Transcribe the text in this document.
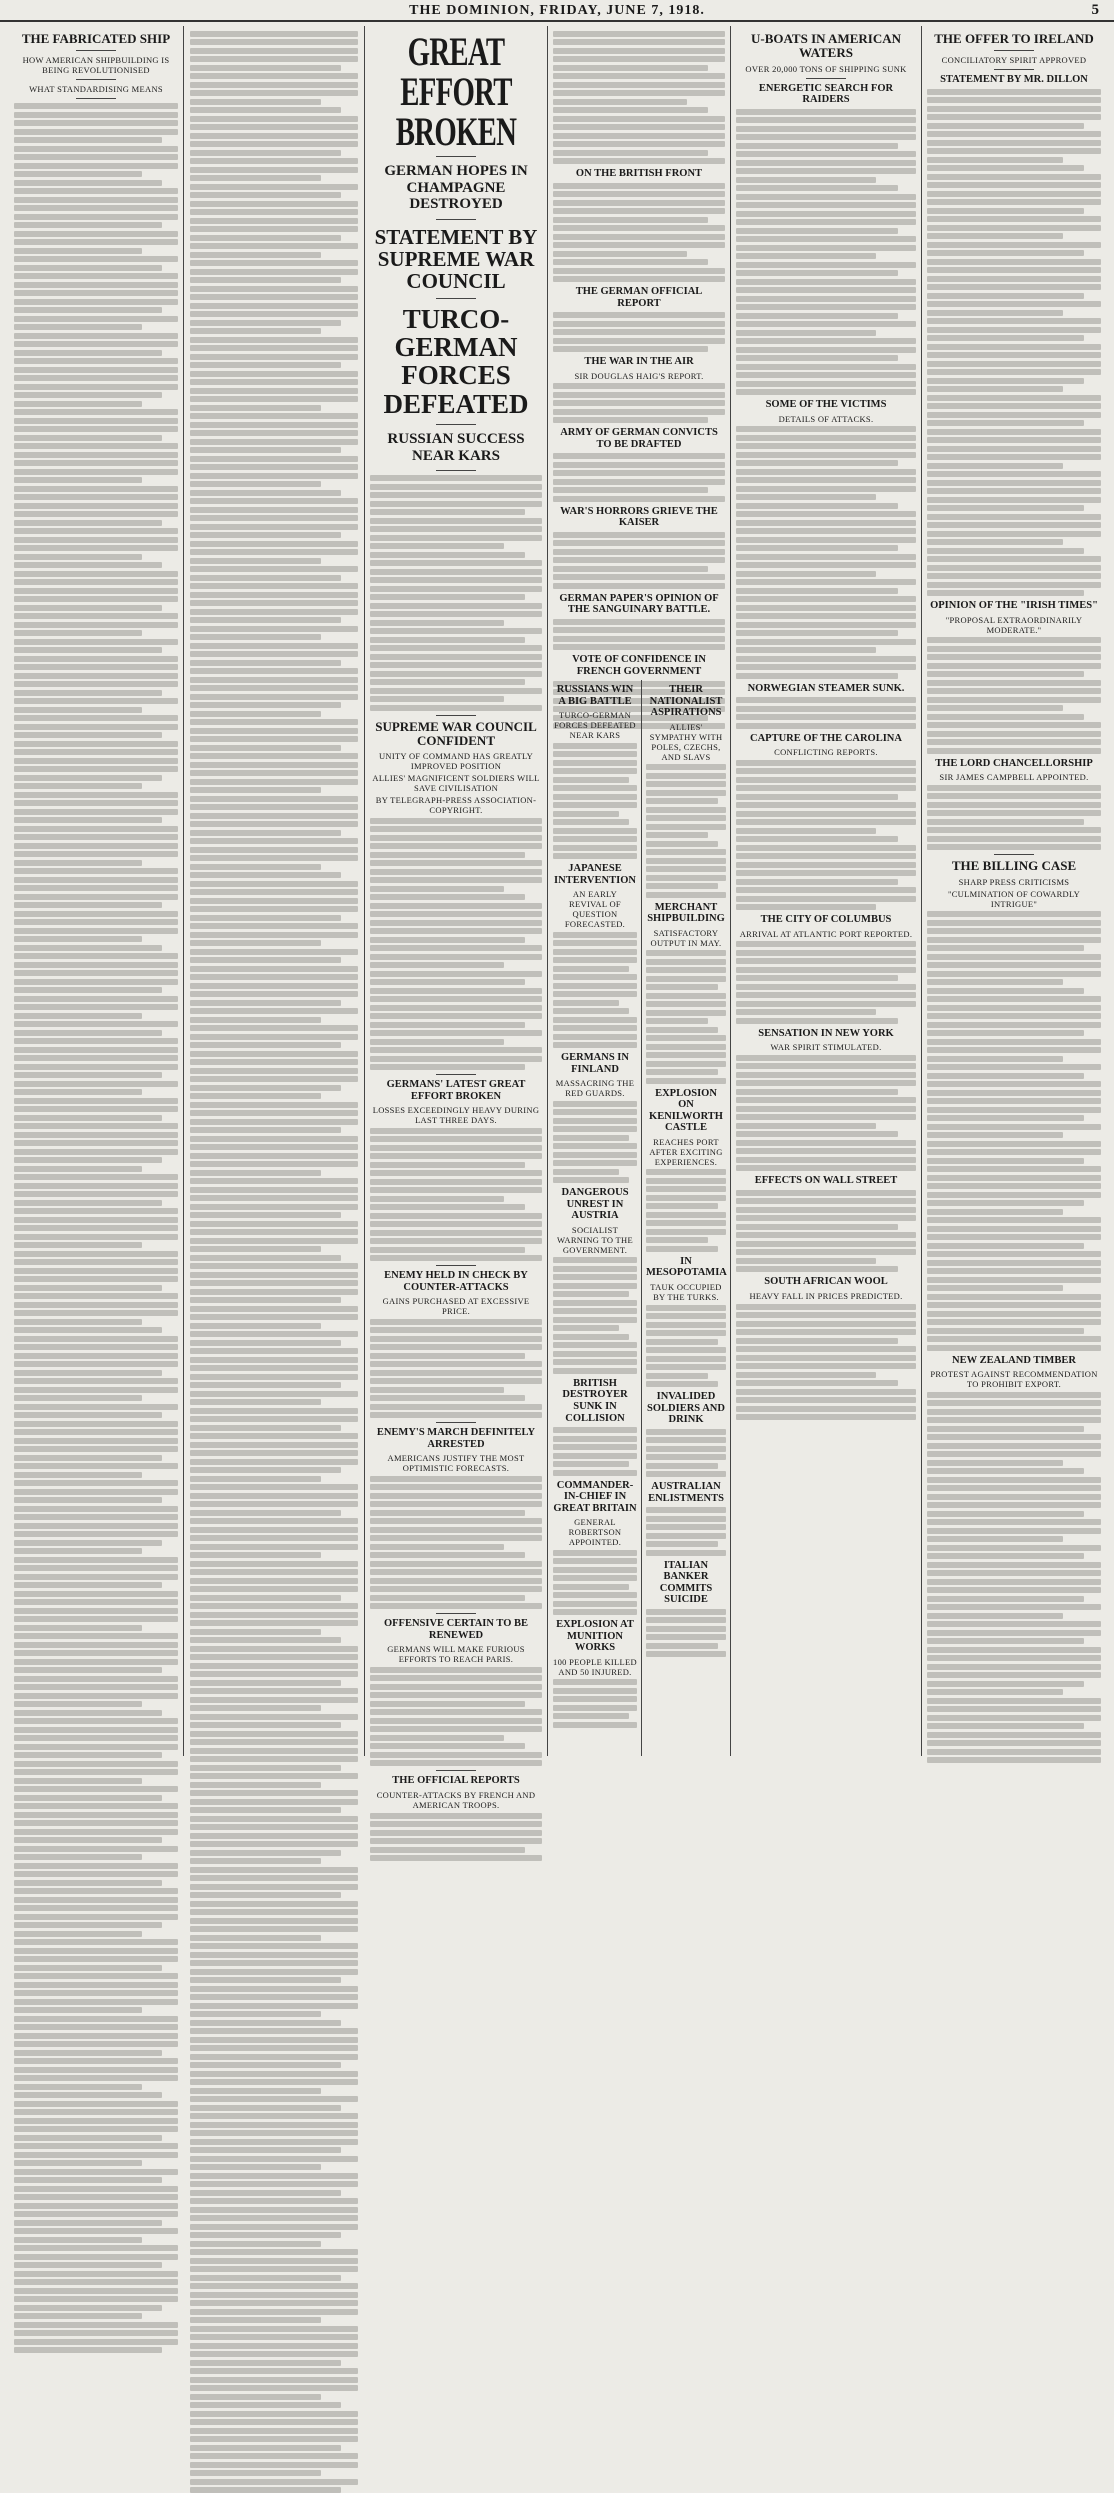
THE DOMINION, FRIDAY, JUNE 7, 1918.	5
THE FABRICATED SHIP
HOW AMERICAN SHIPBUILDING IS BEING REVOLUTIONISED
WHAT STANDARDISING MEANS
GREAT EFFORT BROKEN
GERMAN HOPES IN CHAMPAGNE DESTROYED
STATEMENT BY SUPREME WAR COUNCIL
TURCO-GERMAN FORCES DEFEATED
RUSSIAN SUCCESS NEAR KARS
SUPREME WAR COUNCIL CONFIDENT
UNITY OF COMMAND HAS GREATLY IMPROVED POSITION
ALLIES' MAGNIFICENT SOLDIERS WILL SAVE CIVILISATION
BY TELEGRAPH-PRESS ASSOCIATION-COPYRIGHT.
GERMANS' LATEST GREAT EFFORT BROKEN
LOSSES EXCEEDINGLY HEAVY DURING LAST THREE DAYS.
ENEMY HELD IN CHECK BY COUNTER-ATTACKS
GAINS PURCHASED AT EXCESSIVE PRICE.
ENEMY'S MARCH DEFINITELY ARRESTED
AMERICANS JUSTIFY THE MOST OPTIMISTIC FORECASTS.
OFFENSIVE CERTAIN TO BE RENEWED
GERMANS WILL MAKE FURIOUS EFFORTS TO REACH PARIS.
THE OFFICIAL REPORTS
COUNTER-ATTACKS BY FRENCH AND AMERICAN TROOPS.
ON THE BRITISH FRONT
THE GERMAN OFFICIAL REPORT
THE WAR IN THE AIR
SIR DOUGLAS HAIG'S REPORT.
ARMY OF GERMAN CONVICTS TO BE DRAFTED
WAR'S HORRORS GRIEVE THE KAISER
GERMAN PAPER'S OPINION OF THE SANGUINARY BATTLE.
VOTE OF CONFIDENCE IN FRENCH GOVERNMENT
RUSSIANS WIN A BIG BATTLE
TURCO-GERMAN FORCES DEFEATED NEAR KARS
JAPANESE INTERVENTION
AN EARLY REVIVAL OF QUESTION FORECASTED.
GERMANS IN FINLAND
MASSACRING THE RED GUARDS.
DANGEROUS UNREST IN AUSTRIA
SOCIALIST WARNING TO THE GOVERNMENT.
BRITISH DESTROYER SUNK IN COLLISION
COMMANDER-IN-CHIEF IN GREAT BRITAIN
GENERAL ROBERTSON APPOINTED.
EXPLOSION AT MUNITION WORKS
100 PEOPLE KILLED AND 50 INJURED.
THEIR NATIONALIST ASPIRATIONS
ALLIES' SYMPATHY WITH POLES, CZECHS, AND SLAVS
MERCHANT SHIPBUILDING
SATISFACTORY OUTPUT IN MAY.
EXPLOSION ON KENILWORTH CASTLE
REACHES PORT AFTER EXCITING EXPERIENCES.
IN MESOPOTAMIA
TAUK OCCUPIED BY THE TURKS.
INVALIDED SOLDIERS AND DRINK
AUSTRALIAN ENLISTMENTS
ITALIAN BANKER COMMITS SUICIDE
U-BOATS IN AMERICAN WATERS
OVER 20,000 TONS OF SHIPPING SUNK
ENERGETIC SEARCH FOR RAIDERS
SOME OF THE VICTIMS
DETAILS OF ATTACKS.
NORWEGIAN STEAMER SUNK.
CAPTURE OF THE CAROLINA
CONFLICTING REPORTS.
THE CITY OF COLUMBUS
ARRIVAL AT ATLANTIC PORT REPORTED.
SENSATION IN NEW YORK
WAR SPIRIT STIMULATED.
EFFECTS ON WALL STREET
SOUTH AFRICAN WOOL
HEAVY FALL IN PRICES PREDICTED.
THE OFFER TO IRELAND
CONCILIATORY SPIRIT APPROVED
STATEMENT BY MR. DILLON
OPINION OF THE "IRISH TIMES"
"PROPOSAL EXTRAORDINARILY MODERATE."
THE LORD CHANCELLORSHIP
SIR JAMES CAMPBELL APPOINTED.
THE BILLING CASE
SHARP PRESS CRITICISMS
"CULMINATION OF COWARDLY INTRIGUE"
NEW ZEALAND TIMBER
PROTEST AGAINST RECOMMENDATION TO PROHIBIT EXPORT.
